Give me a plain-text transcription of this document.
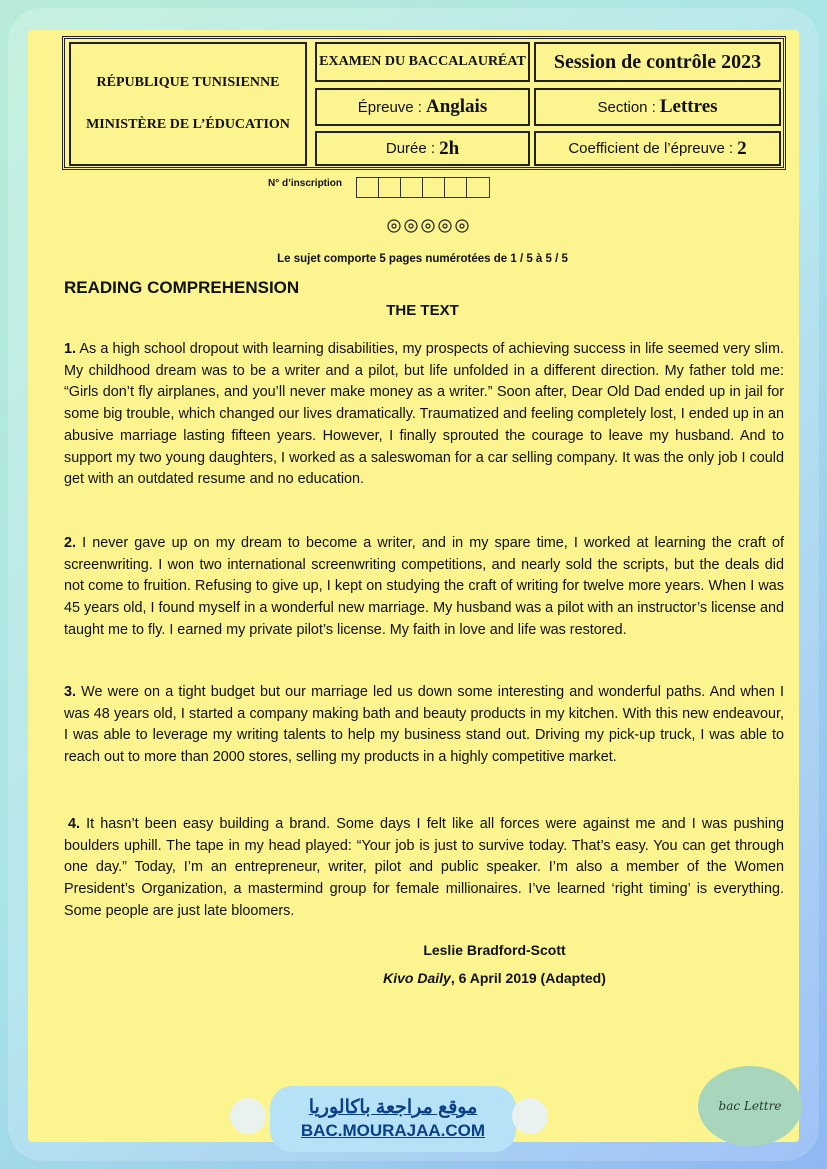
RÉPUBLIQUE TUNISIENNE
MINISTÈRE DE L’ÉDUCATION
EXAMEN DU BACCALAURÉAT	Session de contrôle 2023
Épreuve : Anglais	Section : Lettres
Durée : 2h	Coefficient de l’épreuve : 2
N° d’inscription
Le sujet comporte 5 pages numérotées de 1 / 5 à 5 / 5
READING COMPREHENSION
THE TEXT

1. As a high school dropout with learning disabilities, my prospects of achieving success in life seemed very slim. My childhood dream was to be a writer and a pilot, but life unfolded in a different direction. My father told me: “Girls don’t fly airplanes, and you’ll never make money as a writer.” Soon after, Dear Old Dad ended up in jail for some big trouble, which changed our lives dramatically. Traumatized and feeling completely lost, I ended up in an abusive marriage lasting fifteen years. However, I finally sprouted the courage to leave my husband. And to support my two young daughters, I worked as a saleswoman for a car selling company. It was the only job I could get with an outdated resume and no education.

2. I never gave up on my dream to become a writer, and in my spare time, I worked at learning the craft of screenwriting. I won two international screenwriting competitions, and nearly sold the scripts, but the deals did not come to fruition. Refusing to give up, I kept on studying the craft of writing for twelve more years. When I was 45 years old, I found myself in a wonderful new marriage. My husband was a pilot with an instructor’s license and taught me to fly. I earned my private pilot’s license. My faith in love and life was restored.

3. We were on a tight budget but our marriage led us down some interesting and wonderful paths. And when I was 48 years old, I started a company making bath and beauty products in my kitchen. With this new endeavour, I was able to leverage my writing talents to help my business stand out. Driving my pick-up truck, I was able to reach out to more than 2000 stores, selling my products in a highly competitive market.

4. It hasn’t been easy building a brand. Some days I felt like all forces were against me and I was pushing boulders uphill. The tape in my head played: “Your job is just to survive today. That’s easy. You can get through one day.” Today, I’m an entrepreneur, writer, pilot and public speaker. I’m also a member of the Women President’s Organization, a mastermind group for female millionaires. I’ve learned ‘right timing’ is everything. Some people are just late bloomers.

Leslie Bradford-Scott
Kivo Daily, 6 April 2019 (Adapted)
موقع مراجعة باكالوريا
BAC.MOURAJAA.COM
bac Lettre
